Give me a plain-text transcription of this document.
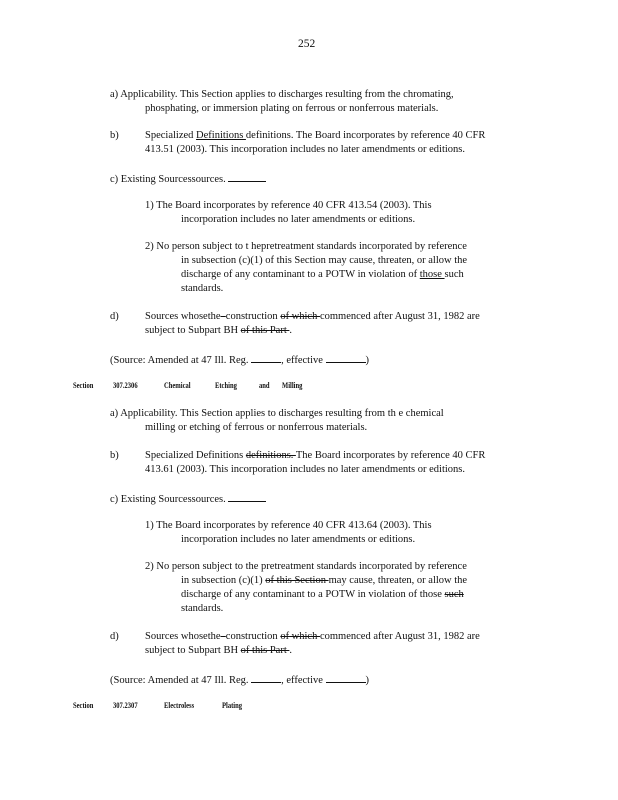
252
a) Applicability. This Section applies to discharges resulting from the chromating,
phosphating, or immersion plating on ferrous or nonferrous materials.
b)	Specialized Definitions definitions. The Board incorporates by reference 40 CFR
413.51 (2003). This incorporation includes no later amendments or editions.
c) Existing Sourcessources.
1) The Board incorporates by reference 40 CFR 413.54 (2003). This
incorporation includes no later amendments or editions.
2) No person subject to t hepretreatment standards incorporated by reference
in subsection (c)(1) of this Section may cause, threaten, or allow the
discharge of any contaminant to a POTW in violation of those such
standards.
d)	Sources whosethe construction of which commenced after August 31, 1982 are
subject to Subpart BH of this Part .
(Source: Amended at 47 Ill. Reg.	, effective	)
Section 307.2306	Chemical	Etching	and Milling
a) Applicability. This Section applies to discharges resulting from th e chemical
milling or etching of ferrous or nonferrous materials.
b)	Specialized Definitions definitions. The Board incorporates by reference 40 CFR
413.61 (2003). This incorporation includes no later amendments or editions.
c) Existing Sourcessources.
1) The Board incorporates by reference 40 CFR 413.64 (2003). This
incorporation includes no later amendments or editions.
2) No person subject to the pretreatment standards incorporated by reference
in subsection (c)(1) of this Section may cause, threaten, or allow the
discharge of any contaminant to a POTW in violation of those such
standards.
d)	Sources whosethe construction of which commenced after August 31, 1982 are
subject to Subpart BH of this Part .
(Source: Amended at 47 Ill. Reg.	, effective	)
Section 307.2307	Electroless	Plating
